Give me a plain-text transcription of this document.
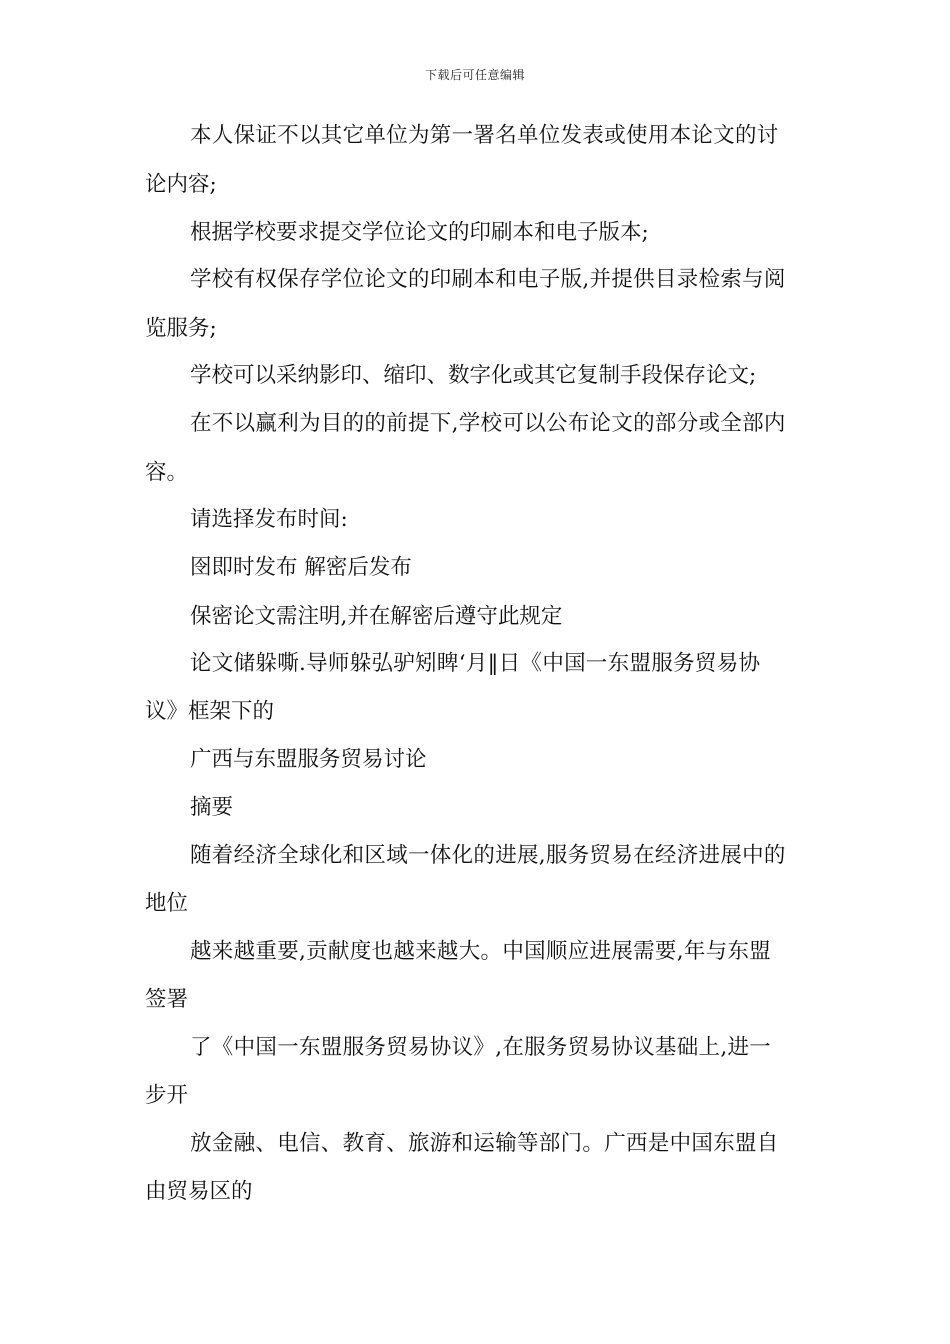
下载后可任意编辑
本人保证不以其它单位为第一署名单位发表或使用本论文的讨
论内容;
根据学校要求提交学位论文的印刷本和电子版本;
学校有权保存学位论文的印刷本和电子版,并提供目录检索与阅
览服务;
学校可以采纳影印、缩印、数字化或其它复制手段保存论文;
在不以赢利为目的的前提下,学校可以公布论文的部分或全部内
容。
请选择发布时间:
囹即时发布 解密后发布
保密论文需注明,并在解密后遵守此规定
论文储躲嘶.导师躲弘驴矧睥‘月‖日《中国一东盟服务贸易协
议》框架下的
广西与东盟服务贸易讨论
摘要
随着经济全球化和区域一体化的进展,服务贸易在经济进展中的
地位
越来越重要,贡献度也越来越大。中国顺应进展需要,年与东盟
签署
了《中国一东盟服务贸易协议》,在服务贸易协议基础上,进一
步开
放金融、电信、教育、旅游和运输等部门。广西是中国东盟自
由贸易区的
